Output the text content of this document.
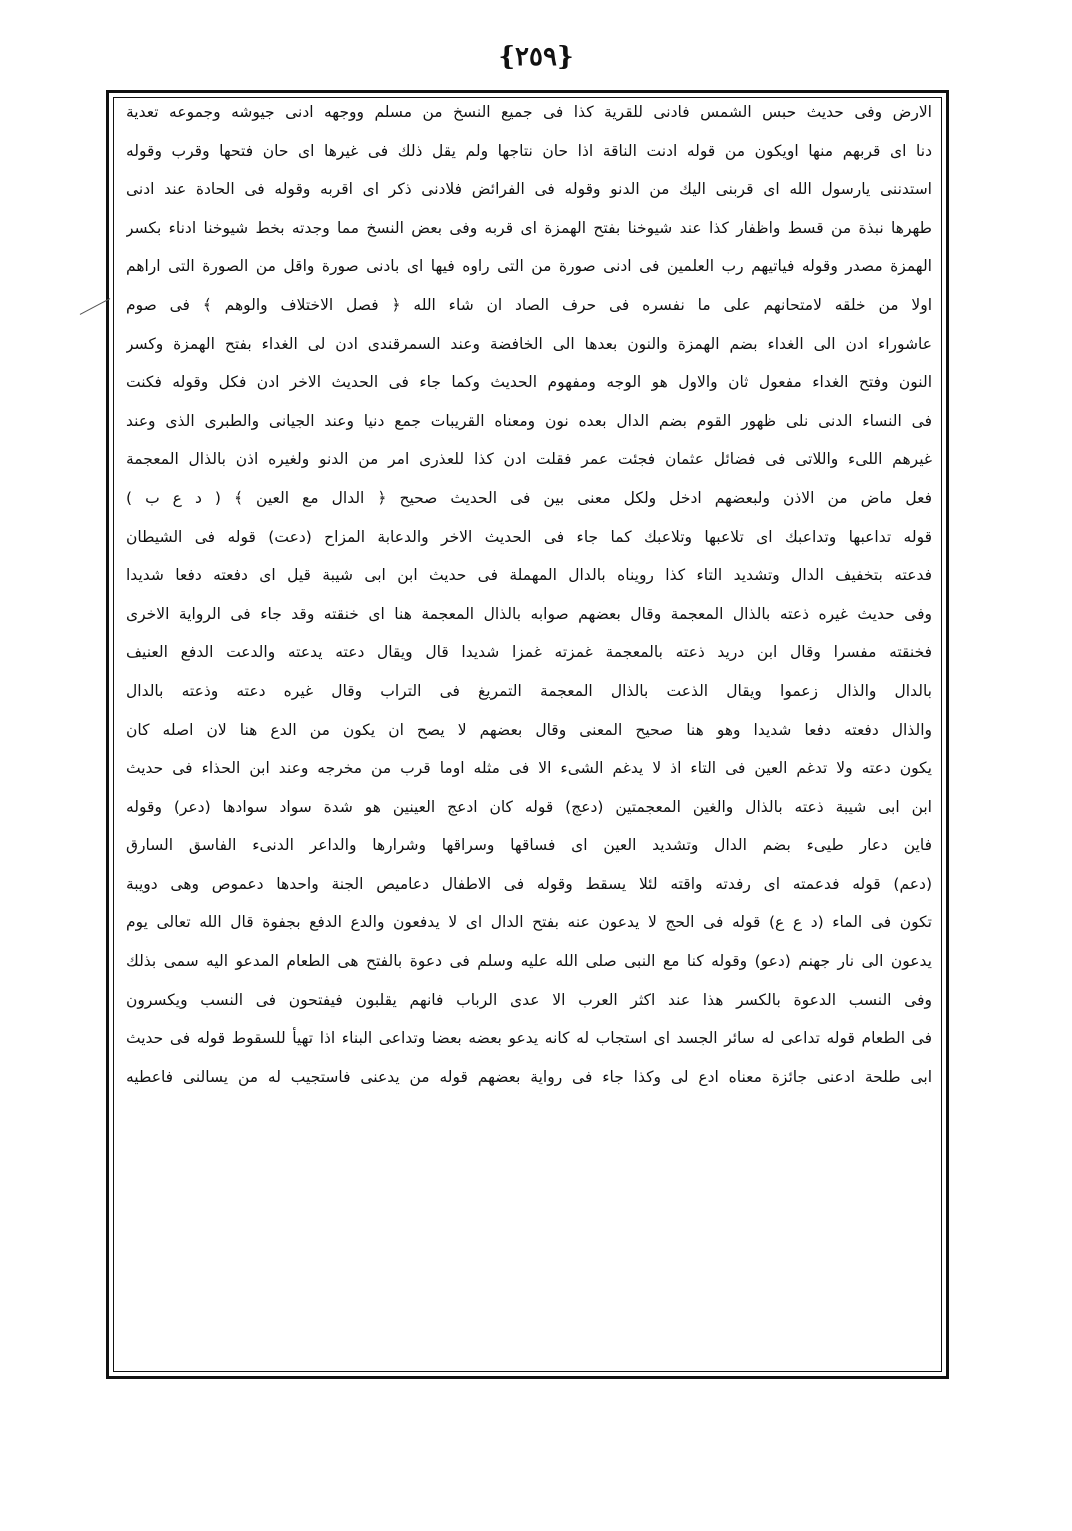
{٢٥٩}
الارض وفى حديث حبس الشمس فادنى للقرية كذا فى جميع النسخ من مسلم ووجهه ادنى جيوشه وجموعه تعدية
دنا اى قربهم منها اويكون من قوله ادنت الناقة اذا حان نتاجها ولم يقل ذلك فى غيرها اى حان فتحها وقرب وقوله
استدننى يارسول الله اى قربنى اليك من الدنو وقوله فى الفرائض فلادنى ذكر اى اقربه وقوله فى الحادة عند ادنى
طهرها نبذة من قسط واظفار كذا عند شيوخنا بفتح الهمزة اى قربه وفى بعض النسخ مما وجدته بخط شيوخنا ادناء بكسر
الهمزة مصدر وقوله فياتيهم رب العلمين فى ادنى صورة من التى راوه فيها اى بادنى صورة واقل من الصورة التى اراهم
اولا من خلقه لامتحانهم على ما نفسره فى حرف الصاد ان شاء الله ﴿ فصل الاختلاف والوهم ﴾ فى صوم
عاشوراء ادن الى الغداء بضم الهمزة والنون بعدها الى الخافضة وعند السمرقندى ادن لى الغداء بفتح الهمزة وكسر
النون وفتح الغداء مفعول ثان والاول هو الوجه ومفهوم الحديث وكما جاء فى الحديث الاخر ادن فكل وقوله فكنت
فى النساء الدنى نلى ظهور القوم بضم الدال بعده نون ومعناه القريبات جمع دنيا وعند الجيانى والطبرى الذى وعند
غيرهم اللىء واللاتى فى فضائل عثمان فجئت عمر فقلت ادن كذا للعذرى امر من الدنو ولغيره اذن بالذال المعجمة
فعل ماض من الاذن ولبعضهم ادخل ولكل معنى بين فى الحديث صحيح ﴿ الدال مع العين ﴾ ( د ع ب )
قوله تداعبها وتداعبك اى تلاعبها وتلاعبك كما جاء فى الحديث الاخر والدعابة المزاح (دعت) قوله فى الشيطان
فدعته بتخفيف الدال وتشديد التاء كذا رويناه بالدال المهملة فى حديث ابن ابى شيبة قيل اى دفعته دفعا شديدا
وفى حديث غيره ذعته بالذال المعجمة وقال بعضهم صوابه بالذال المعجمة هنا اى خنقته وقد جاء فى الرواية الاخرى
فخنقته مفسرا وقال ابن دريد ذعته بالمعجمة غمزته غمزا شديدا قال ويقال دعته يدعته والدعت الدفع العنيف
بالدال والذال زعموا ويقال الذعت بالذال المعجمة التمريغ فى التراب وقال غيره دعته وذعته بالدال
والذال دفعته دفعا شديدا وهو هنا صحيح المعنى وقال بعضهم لا يصح ان يكون من الدع هنا لان اصله كان
يكون دعته ولا تدغم العين فى التاء اذ لا يدغم الشىء الا فى مثله اوما قرب من مخرجه وعند ابن الحذاء فى حديث
ابن ابى شيبة ذعته بالذال والغين المعجمتين (دعج) قوله كان ادعج العينين هو شدة سواد سوادها (دعر) وقوله
فاين دعار طيىء بضم الدال وتشديد العين اى فساقها وسراقها وشرارها والداعر الدنىء الفاسق السارق
(دعم) قوله فدعمته اى رفدته واقته لئلا يسقط وقوله فى الاطفال دعاميص الجنة واحدها دعموص وهى دويبة
تكون فى الماء (د ع ع) قوله فى الحج لا يدعون عنه بفتح الدال اى لا يدفعون والدع الدفع بجفوة قال الله تعالى يوم
يدعون الى نار جهنم (دعو) وقوله كنا مع النبى صلى الله عليه وسلم فى دعوة بالفتح هى الطعام المدعو اليه سمى بذلك
وفى النسب الدعوة بالكسر هذا عند اكثر العرب الا عدى الرباب فانهم يقلبون فيفتحون فى النسب ويكسرون
فى الطعام قوله تداعى له سائر الجسد اى استجاب له كانه يدعو بعضه بعضا وتداعى البناء اذا تهيأ للسقوط قوله فى حديث
ابى طلحة ادعنى جائزة معناه ادع لى وكذا جاء فى رواية بعضهم قوله من يدعنى فاستجيب له من يسالنى فاعطيه
